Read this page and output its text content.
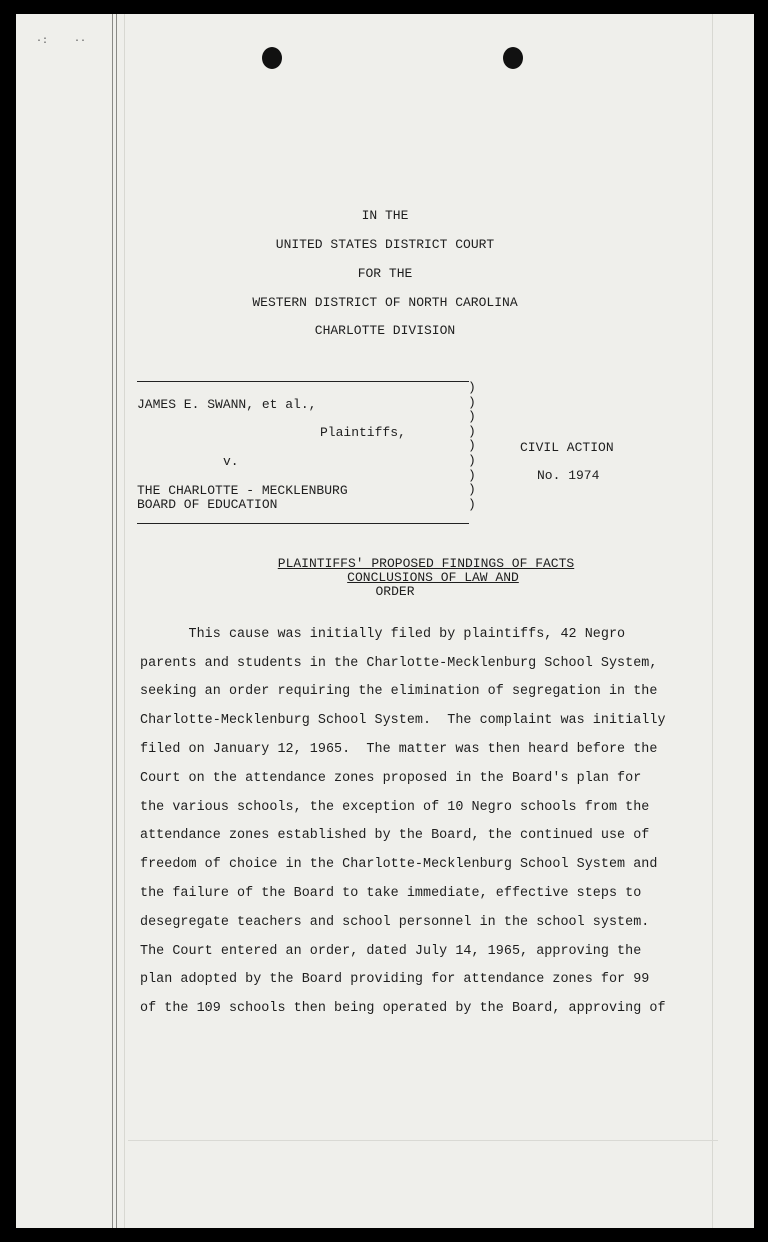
·:	··
IN THE
UNITED STATES DISTRICT COURT
FOR THE
WESTERN DISTRICT OF NORTH CAROLINA
CHARLOTTE DIVISION
)
)
)
)
)
)
)
)
)
JAMES E. SWANN, et al.,
Plaintiffs,
v.
THE CHARLOTTE - MECKLENBURG
BOARD OF EDUCATION
CIVIL ACTION
No. 1974
PLAINTIFFS' PROPOSED FINDINGS OF FACTS
CONCLUSIONS OF LAW AND
ORDER
This cause was initially filed by plaintiffs, 42 Negro
parents and students in the Charlotte-Mecklenburg School System,
seeking an order requiring the elimination of segregation in the
Charlotte-Mecklenburg School System.  The complaint was initially
filed on January 12, 1965.  The matter was then heard before the
Court on the attendance zones proposed in the Board's plan for
the various schools, the exception of 10 Negro schools from the
attendance zones established by the Board, the continued use of
freedom of choice in the Charlotte-Mecklenburg School System and
the failure of the Board to take immediate, effective steps to
desegregate teachers and school personnel in the school system.
The Court entered an order, dated July 14, 1965, approving the
plan adopted by the Board providing for attendance zones for 99
of the 109 schools then being operated by the Board, approving of
